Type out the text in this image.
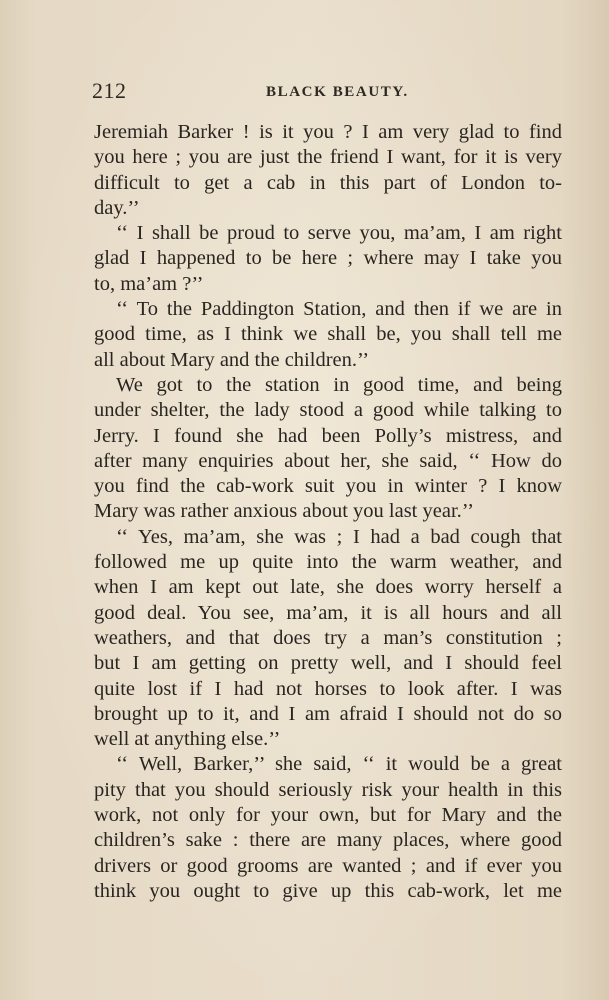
212	BLACK BEAUTY.
Jeremiah Barker ! is it you ? I am very glad to find
you here ; you are just the friend I want, for it is very
difficult to get a cab in this part of London to-
day.’’
‘‘ I shall be proud to serve you, ma’am, I am right
glad I happened to be here ; where may I take you
to, ma’am ?’’
‘‘ To the Paddington Station, and then if we are in
good time, as I think we shall be, you shall tell me
all about Mary and the children.’’
We got to the station in good time, and being
under shelter, the lady stood a good while talking to
Jerry. I found she had been Polly’s mistress, and
after many enquiries about her, she said, ‘‘ How do
you find the cab-work suit you in winter ? I know
Mary was rather anxious about you last year.’’
‘‘ Yes, ma’am, she was ; I had a bad cough that
followed me up quite into the warm weather, and
when I am kept out late, she does worry herself a
good deal. You see, ma’am, it is all hours and all
weathers, and that does try a man’s constitution ;
but I am getting on pretty well, and I should feel
quite lost if I had not horses to look after. I was
brought up to it, and I am afraid I should not do so
well at anything else.’’
‘‘ Well, Barker,’’ she said, ‘‘ it would be a great
pity that you should seriously risk your health in this
work, not only for your own, but for Mary and the
children’s sake : there are many places, where good
drivers or good grooms are wanted ; and if ever you
think you ought to give up this cab-work, let me
